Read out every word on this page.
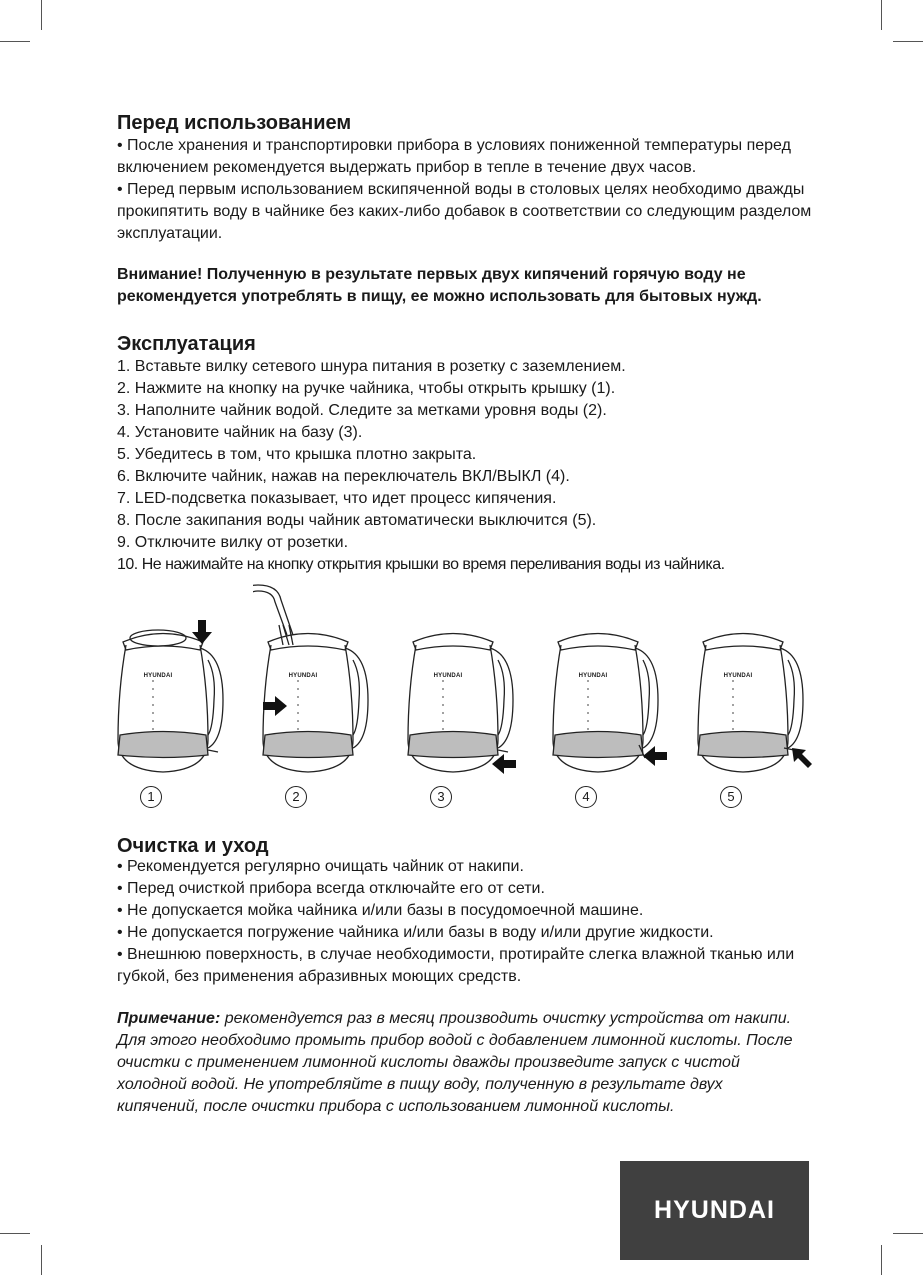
Перед использованием

• После хранения и транспортировки прибора в условиях пониженной температуры перед включением рекомендуется выдержать прибор в тепле в течение двух часов.

• Перед первым использованием вскипяченной воды в столовых целях необходимо дважды прокипятить воду в чайнике без каких-либо добавок в соответствии со следующим разделом эксплуатации.

Внимание! Полученную в результате первых двух кипячений горячую воду не рекомендуется употреблять в пищу, ее можно использовать для бытовых нужд.

Эксплуатация

1. Вставьте вилку сетевого шнура питания в розетку с заземлением.

2. Нажмите на кнопку на ручке чайника, чтобы открыть крышку (1).

3. Наполните чайник водой. Следите за метками уровня воды (2).

4. Установите чайник на базу (3).

5. Убедитесь в том, что крышка плотно закрыта.

6. Включите чайник, нажав на переключатель ВКЛ/ВЫКЛ (4).

7. LED-подсветка показывает, что идет процесс кипячения.

8. После закипания воды чайник автоматически выключится (5).

9. Отключите вилку от розетки.

10. Не нажимайте на кнопку открытия крышки во время переливания воды из чайника.

HYUNDAI
1
HYUNDAI
2
HYUNDAI
3
HYUNDAI
4
HYUNDAI
5
Очистка и уход

• Рекомендуется регулярно очищать чайник от накипи.

• Перед очисткой прибора всегда отключайте его от сети.

• Не допускается мойка чайника и/или базы в посудомоечной машине.

• Не допускается погружение чайника и/или базы в воду и/или другие жидкости.

• Внешнюю поверхность, в случае необходимости, протирайте слегка влажной тканью или губкой, без применения абразивных моющих средств.

Примечание: рекомендуется раз в месяц производить очистку устройства от накипи. Для этого необходимо промыть прибор водой с добавлением лимонной кислоты. После очистки с применением лимонной кислоты дважды произведите запуск с чистой холодной водой. Не употребляйте в пищу воду, полученную в результате двух кипячений, после очистки прибора с использованием лимонной кислоты.

HYUNDAI
